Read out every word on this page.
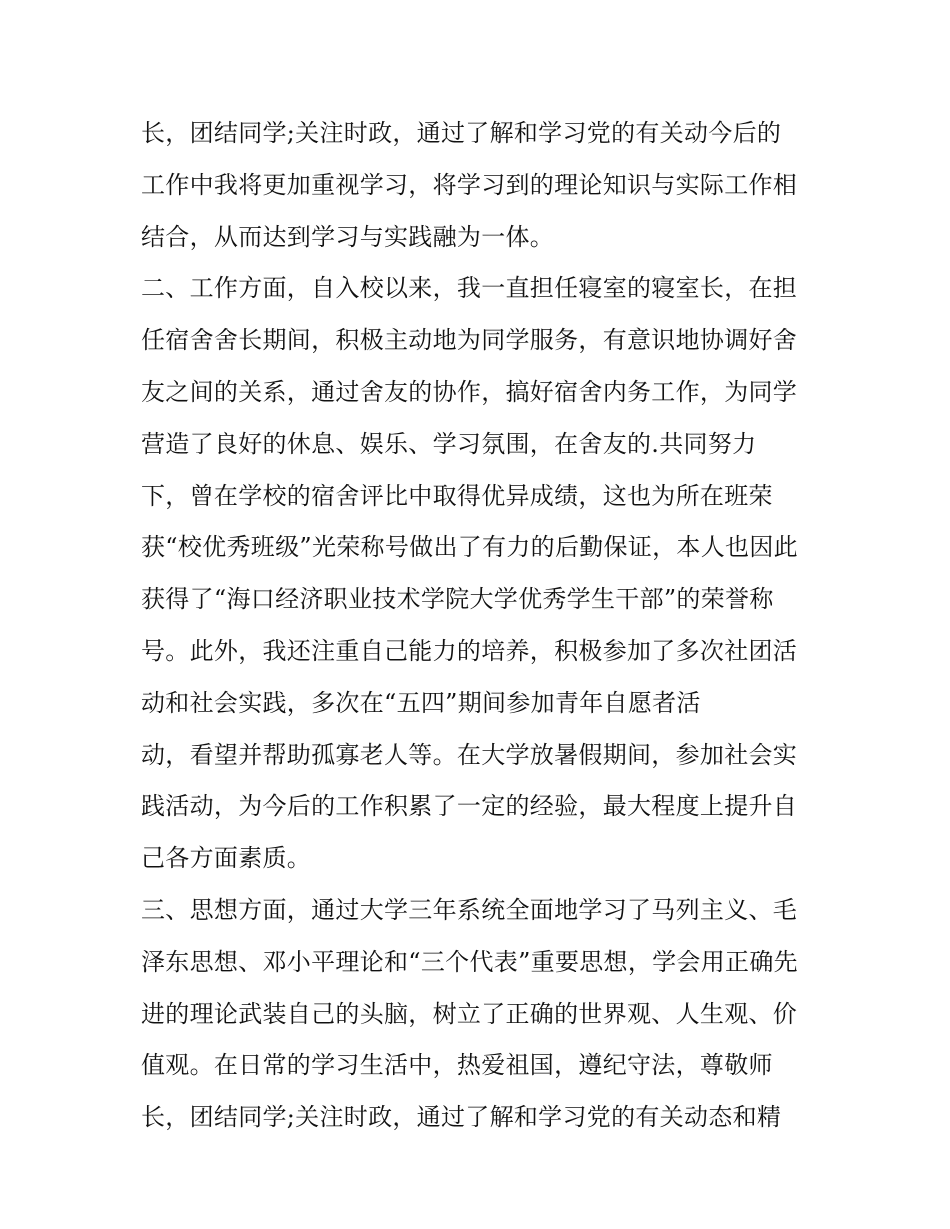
长，团结同学;关注时政，通过了解和学习党的有关动今后的
工作中我将更加重视学习，将学习到的理论知识与实际工作相
结合，从而达到学习与实践融为一体。
二、工作方面，自入校以来，我一直担任寝室的寝室长，在担
任宿舍舍长期间，积极主动地为同学服务，有意识地协调好舍
友之间的关系，通过舍友的协作，搞好宿舍内务工作，为同学
营造了良好的休息、娱乐、学习氛围，在舍友的.共同努力
下，曾在学校的宿舍评比中取得优异成绩，这也为所在班荣
获“校优秀班级”光荣称号做出了有力的后勤保证，本人也因此
获得了“海口经济职业技术学院大学优秀学生干部”的荣誉称
号。此外，我还注重自己能力的培养，积极参加了多次社团活
动和社会实践，多次在“五四”期间参加青年自愿者活
动，看望并帮助孤寡老人等。在大学放暑假期间，参加社会实
践活动，为今后的工作积累了一定的经验，最大程度上提升自
己各方面素质。
三、思想方面，通过大学三年系统全面地学习了马列主义、毛
泽东思想、邓小平理论和“三个代表”重要思想，学会用正确先
进的理论武装自己的头脑，树立了正确的世界观、人生观、价
值观。在日常的学习生活中，热爱祖国，遵纪守法，尊敬师
长，团结同学;关注时政，通过了解和学习党的有关动态和精
